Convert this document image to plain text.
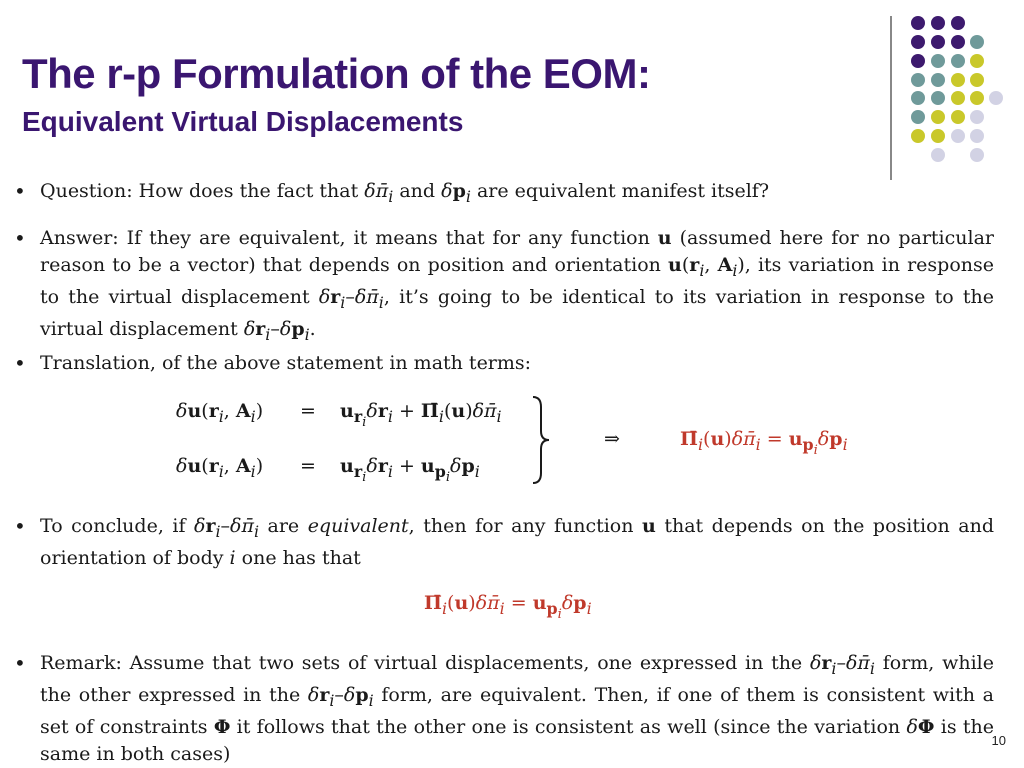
The r-p Formulation of the EOM:
Equivalent Virtual Displacements
• Question: How does the fact that $\delta\pī_i$ and $\delta p_i$ are equivalent manifest itself?
• Answer: If they are equivalent, it means that for any function u (assumed here for no particular reason to be a vector) that depends on position and orientation $u(r_i$, $A_i$), its variation in response to the virtual displacement $\delta r_i-\delta\pī_i$, it’s going to be identical to its variation in response to the virtual displacement $\delta r_i-\delta p_i$.
• Translation, of the above statement in math terms:
$\delta u(r_i$, $A_i) = u_{r_i}\delta r_i$ + $\Pī_i(u)\delta\pī_i$
$\delta u(r_i$, $A_i) = u_{r_i}\delta r_i + u_{p_i}\delta p_i$
⇒	$\Pī_i(u)\delta\pī_i = u_{p_i}\delta p_i$
• To conclude, if $\delta r_i-\delta\pī_i$ are equivalent, then for any function u that depends on the position and orientation of body i one has that
$\Pī_i(u)\delta\pī_i = u_{p_i}\delta p_i$
• Remark: Assume that two sets of virtual displacements, one expressed in the $\delta r_i-\delta\pī_i$ form, while the other expressed in the $\delta r_i-\delta p_i$ form, are equivalent. Then, if one of them is consistent with a set of constraints Φ it follows that the other one is consistent as well (since the variation δΦ is the same in both cases)
10
